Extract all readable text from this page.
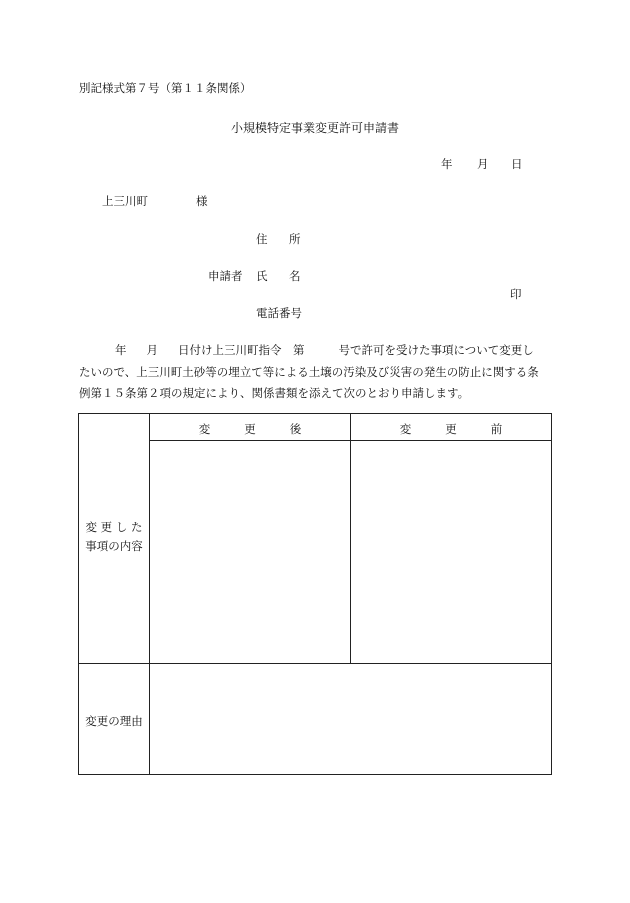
別記様式第７号（第１１条関係）
小規模特定事業変更許可申請書
年 月 日
上三川町	様
住 所
申請者 氏 名
印
電話番号
年 月 日付け上三川町指令　第	号で許可を受けた事項について変更し
たいので、上三川町土砂等の埋立て等による土壌の汚染及び災害の発生の防止に関する条
例第１５条第２項の規定により、関係書類を添えて次のとおり申請します。
変更後	変更前
変 更 し た
事項の内容
変更の理由
